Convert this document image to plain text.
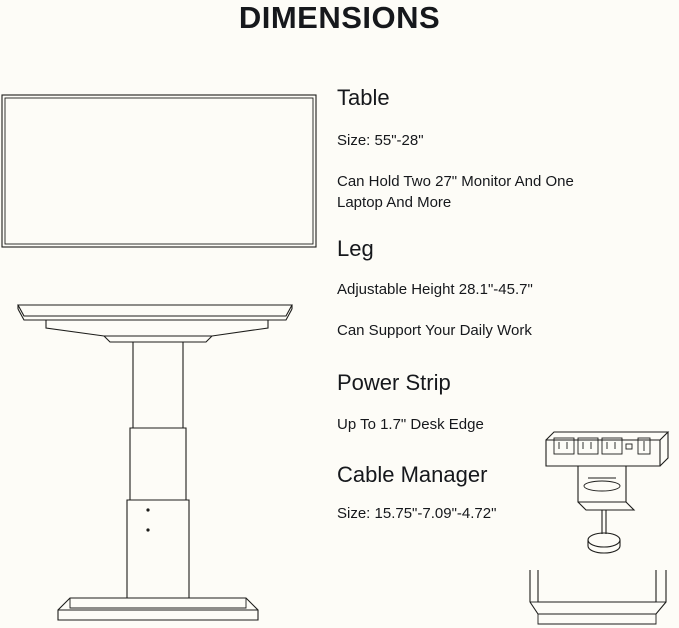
DIMENSIONS
Table

Size: 55"-28"

Can Hold Two 27" Monitor And One Laptop And More

Leg

Adjustable Height 28.1"-45.7"

Can Support Your Daily Work

Power Strip

Up To 1.7" Desk Edge

Cable Manager

Size: 15.75"-7.09"-4.72"
